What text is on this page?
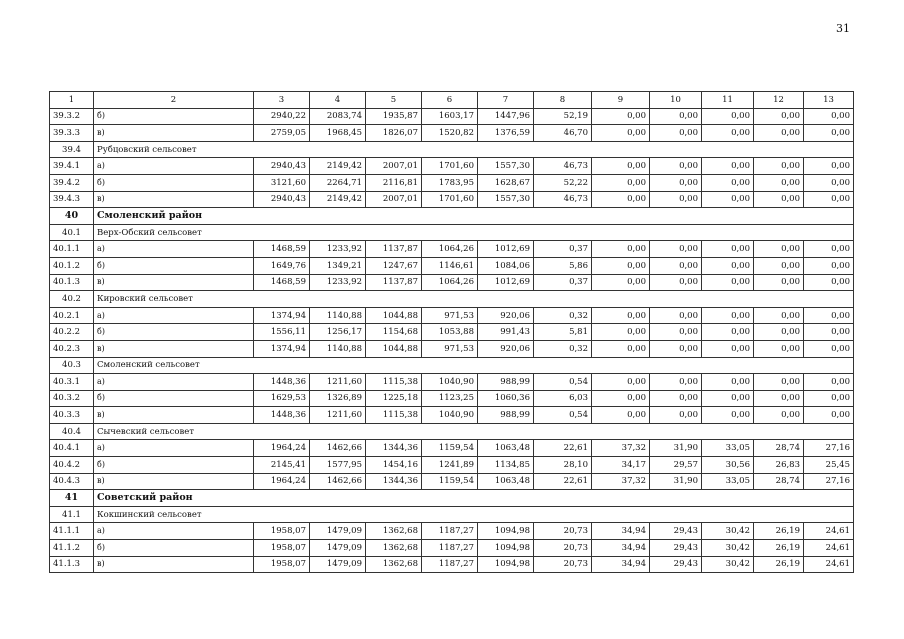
31
1	2	3	4	5	6	7	8	9	10	11	12	13
39.3.2	б)	2940,22	2083,74	1935,87	1603,17	1447,96	52,19	0,00	0,00	0,00	0,00	0,00
39.3.3	в)	2759,05	1968,45	1826,07	1520,82	1376,59	46,70	0,00	0,00	0,00	0,00	0,00
39.4	Рубцовский сельсовет											
39.4.1	а)	2940,43	2149,42	2007,01	1701,60	1557,30	46,73	0,00	0,00	0,00	0,00	0,00
39.4.2	б)	3121,60	2264,71	2116,81	1783,95	1628,67	52,22	0,00	0,00	0,00	0,00	0,00
39.4.3	в)	2940,43	2149,42	2007,01	1701,60	1557,30	46,73	0,00	0,00	0,00	0,00	0,00
40	Смоленский район											
40.1	Верх-Обский сельсовет											
40.1.1	а)	1468,59	1233,92	1137,87	1064,26	1012,69	0,37	0,00	0,00	0,00	0,00	0,00
40.1.2	б)	1649,76	1349,21	1247,67	1146,61	1084,06	5,86	0,00	0,00	0,00	0,00	0,00
40.1.3	в)	1468,59	1233,92	1137,87	1064,26	1012,69	0,37	0,00	0,00	0,00	0,00	0,00
40.2	Кировский сельсовет											
40.2.1	а)	1374,94	1140,88	1044,88	971,53	920,06	0,32	0,00	0,00	0,00	0,00	0,00
40.2.2	б)	1556,11	1256,17	1154,68	1053,88	991,43	5,81	0,00	0,00	0,00	0,00	0,00
40.2.3	в)	1374,94	1140,88	1044,88	971,53	920,06	0,32	0,00	0,00	0,00	0,00	0,00
40.3	Смоленский сельсовет											
40.3.1	а)	1448,36	1211,60	1115,38	1040,90	988,99	0,54	0,00	0,00	0,00	0,00	0,00
40.3.2	б)	1629,53	1326,89	1225,18	1123,25	1060,36	6,03	0,00	0,00	0,00	0,00	0,00
40.3.3	в)	1448,36	1211,60	1115,38	1040,90	988,99	0,54	0,00	0,00	0,00	0,00	0,00
40.4	Сычевский сельсовет											
40.4.1	а)	1964,24	1462,66	1344,36	1159,54	1063,48	22,61	37,32	31,90	33,05	28,74	27,16
40.4.2	б)	2145,41	1577,95	1454,16	1241,89	1134,85	28,10	34,17	29,57	30,56	26,83	25,45
40.4.3	в)	1964,24	1462,66	1344,36	1159,54	1063,48	22,61	37,32	31,90	33,05	28,74	27,16
41	Советский район											
41.1	Кокшинский сельсовет											
41.1.1	а)	1958,07	1479,09	1362,68	1187,27	1094,98	20,73	34,94	29,43	30,42	26,19	24,61
41.1.2	б)	1958,07	1479,09	1362,68	1187,27	1094,98	20,73	34,94	29,43	30,42	26,19	24,61
41.1.3	в)	1958,07	1479,09	1362,68	1187,27	1094,98	20,73	34,94	29,43	30,42	26,19	24,61
